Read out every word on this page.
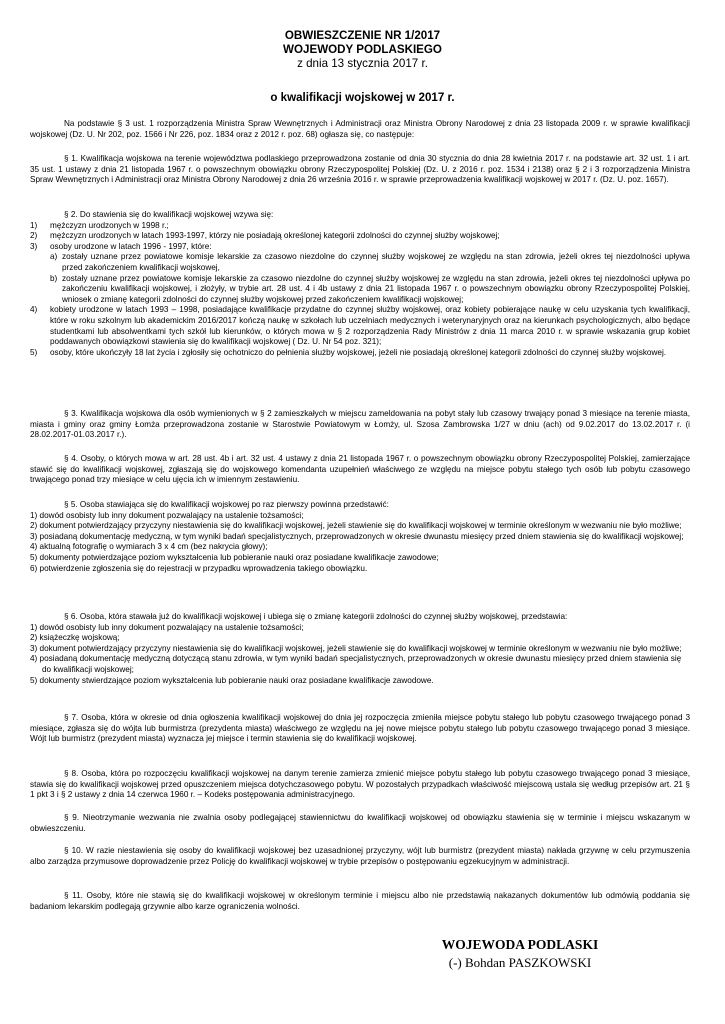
OBWIESZCZENIE NR 1/2017
WOJEWODY PODLASKIEGO
z dnia 13 stycznia 2017 r.
o kwalifikacji wojskowej w 2017 r.
Na podstawie § 3 ust. 1 rozporządzenia Ministra Spraw Wewnętrznych i Administracji oraz Ministra Obrony Narodowej z dnia 23 listopada 2009 r. w sprawie kwalifikacji wojskowej (Dz. U. Nr 202, poz. 1566 i Nr 226, poz. 1834 oraz z 2012 r. poz. 68) ogłasza się, co następuje:
§ 1. Kwalifikacja wojskowa na terenie województwa podlaskiego przeprowadzona zostanie od dnia 30 stycznia do dnia 28 kwietnia 2017 r. na podstawie art. 32 ust. 1 i art. 35 ust. 1 ustawy z dnia 21 listopada 1967 r. o powszechnym obowiązku obrony Rzeczypospolitej Polskiej (Dz. U. z 2016 r. poz. 1534 i 2138) oraz § 2 i 3 rozporządzenia Ministra Spraw Wewnętrznych i Administracji oraz Ministra Obrony Narodowej z dnia 26 września 2016 r. w sprawie przeprowadzenia kwalifikacji wojskowej w 2017 r. (Dz. U. poz. 1657).
§ 2. Do stawienia się do kwalifikacji wojskowej wzywa się:
1)	mężczyzn urodzonych w 1998 r.;
2)	mężczyzn urodzonych w latach 1993-1997, którzy nie posiadają określonej kategorii zdolności do czynnej służby wojskowej;
3)	osoby urodzone w latach 1996 - 1997, które:
a) zostały uznane przez powiatowe komisje lekarskie za czasowo niezdolne do czynnej służby wojskowej ze względu na stan zdrowia, jeżeli okres tej niezdolności upływa przed zakończeniem kwalifikacji wojskowej,
b) zostały uznane przez powiatowe komisje lekarskie za czasowo niezdolne do czynnej służby wojskowej ze względu na stan zdrowia, jeżeli okres tej niezdolności upływa po zakończeniu kwalifikacji wojskowej, i złożyły, w trybie art. 28 ust. 4 i 4b ustawy z dnia 21 listopada 1967 r. o powszechnym obowiązku obrony Rzeczypospolitej Polskiej, wniosek o zmianę kategorii zdolności do czynnej służby wojskowej przed zakończeniem kwalifikacji wojskowej;
4)	kobiety urodzone w latach 1993 – 1998, posiadające kwalifikacje przydatne do czynnej służby wojskowej, oraz kobiety pobierające naukę w celu uzyskania tych kwalifikacji, które w roku szkolnym lub akademickim 2016/2017 kończą naukę w szkołach lub uczelniach medycznych i weterynaryjnych oraz na kierunkach psychologicznych, albo będące studentkami lub absolwentkami tych szkół lub kierunków, o których mowa w § 2 rozporządzenia Rady Ministrów z dnia 11 marca 2010 r. w sprawie wskazania grup kobiet poddawanych obowiązkowi stawienia się do kwalifikacji wojskowej ( Dz. U. Nr 54 poz. 321);
5)	osoby, które ukończyły 18 lat życia i zgłosiły się ochotniczo do pełnienia służby wojskowej, jeżeli nie posiadają określonej kategorii zdolności do czynnej służby wojskowej.
§ 3. Kwalifikacja wojskowa dla osób wymienionych w § 2 zamieszkałych w miejscu zameldowania na pobyt stały lub czasowy trwający ponad 3 miesiące na terenie miasta, miasta i gminy oraz gminy Łomża przeprowadzona zostanie w Starostwie Powiatowym w Łomży, ul. Szosa Zambrowska 1/27 w dniu (ach) od 9.02.2017 do 13.02.2017 r. (i 28.02.2017-01.03.2017 r.).
§ 4. Osoby, o których mowa w art. 28 ust. 4b i art. 32 ust. 4 ustawy z dnia 21 listopada 1967 r. o powszechnym obowiązku obrony Rzeczypospolitej Polskiej, zamierzające stawić się do kwalifikacji wojskowej, zgłaszają się do wojskowego komendanta uzupełnień właściwego ze względu na miejsce pobytu stałego tych osób lub pobytu czasowego trwającego ponad trzy miesiące w celu ujęcia ich w imiennym zestawieniu.
§ 5. Osoba stawiająca się do kwalifikacji wojskowej po raz pierwszy powinna przedstawić:
1) dowód osobisty lub inny dokument pozwalający na ustalenie tożsamości;
2) dokument potwierdzający przyczyny niestawienia się do kwalifikacji wojskowej, jeżeli stawienie się do kwalifikacji wojskowej w terminie określonym w wezwaniu nie było możliwe;
3) posiadaną dokumentację medyczną, w tym wyniki badań specjalistycznych, przeprowadzonych w okresie dwunastu miesięcy przed dniem stawienia się do kwalifikacji wojskowej;
4) aktualną fotografię o wymiarach 3 x 4 cm (bez nakrycia głowy);
5) dokumenty potwierdzające poziom wykształcenia lub pobieranie nauki oraz posiadane kwalifikacje zawodowe;
6) potwierdzenie zgłoszenia się do rejestracji w przypadku wprowadzenia takiego obowiązku.
§ 6. Osoba, która stawała już do kwalifikacji wojskowej i ubiega się o zmianę kategorii zdolności do czynnej służby wojskowej, przedstawia:
1) dowód osobisty lub inny dokument pozwalający na ustalenie tożsamości;
2) książeczkę wojskową;
3) dokument potwierdzający przyczyny niestawienia się do kwalifikacji wojskowej, jeżeli stawienie się do kwalifikacji wojskowej w terminie określonym w wezwaniu nie było możliwe;
4) posiadaną dokumentację medyczną dotyczącą stanu zdrowia, w tym wyniki badań specjalistycznych, przeprowadzonych w okresie dwunastu miesięcy przed dniem stawienia się do kwalifikacji wojskowej;
5) dokumenty stwierdzające poziom wykształcenia lub pobieranie nauki oraz posiadane kwalifikacje zawodowe.
§ 7. Osoba, która w okresie od dnia ogłoszenia kwalifikacji wojskowej do dnia jej rozpoczęcia zmieniła miejsce pobytu stałego lub pobytu czasowego trwającego ponad 3 miesiące, zgłasza się do wójta lub burmistrza (prezydenta miasta) właściwego ze względu na jej nowe miejsce pobytu stałego lub pobytu czasowego trwającego ponad 3 miesiące. Wójt lub burmistrz (prezydent miasta) wyznacza jej miejsce i termin stawienia się do kwalifikacji wojskowej.
§ 8. Osoba, która po rozpoczęciu kwalifikacji wojskowej na danym terenie zamierza zmienić miejsce pobytu stałego lub pobytu czasowego trwającego ponad 3 miesiące, stawia się do kwalifikacji wojskowej przed opuszczeniem miejsca dotychczasowego pobytu. W pozostałych przypadkach właściwość miejscową ustala się według przepisów art. 21 § 1 pkt 3 i § 2 ustawy z dnia 14 czerwca 1960 r. – Kodeks postępowania administracyjnego.
§ 9. Nieotrzymanie wezwania nie zwalnia osoby podlegającej stawiennictwu do kwalifikacji wojskowej od obowiązku stawienia się w terminie i miejscu wskazanym w obwieszczeniu.
§ 10. W razie niestawienia się osoby do kwalifikacji wojskowej bez uzasadnionej przyczyny, wójt lub burmistrz (prezydent miasta) nakłada grzywnę w celu przymuszenia albo zarządza przymusowe doprowadzenie przez Policję do kwalifikacji wojskowej w trybie przepisów o postępowaniu egzekucyjnym w administracji.
§ 11. Osoby, które nie stawią się do kwalifikacji wojskowej w określonym terminie i miejscu albo nie przedstawią nakazanych dokumentów lub odmówią poddania się badaniom lekarskim podlegają grzywnie albo karze ograniczenia wolności.
WOJEWODA PODLASKI
(-) Bohdan PASZKOWSKI
